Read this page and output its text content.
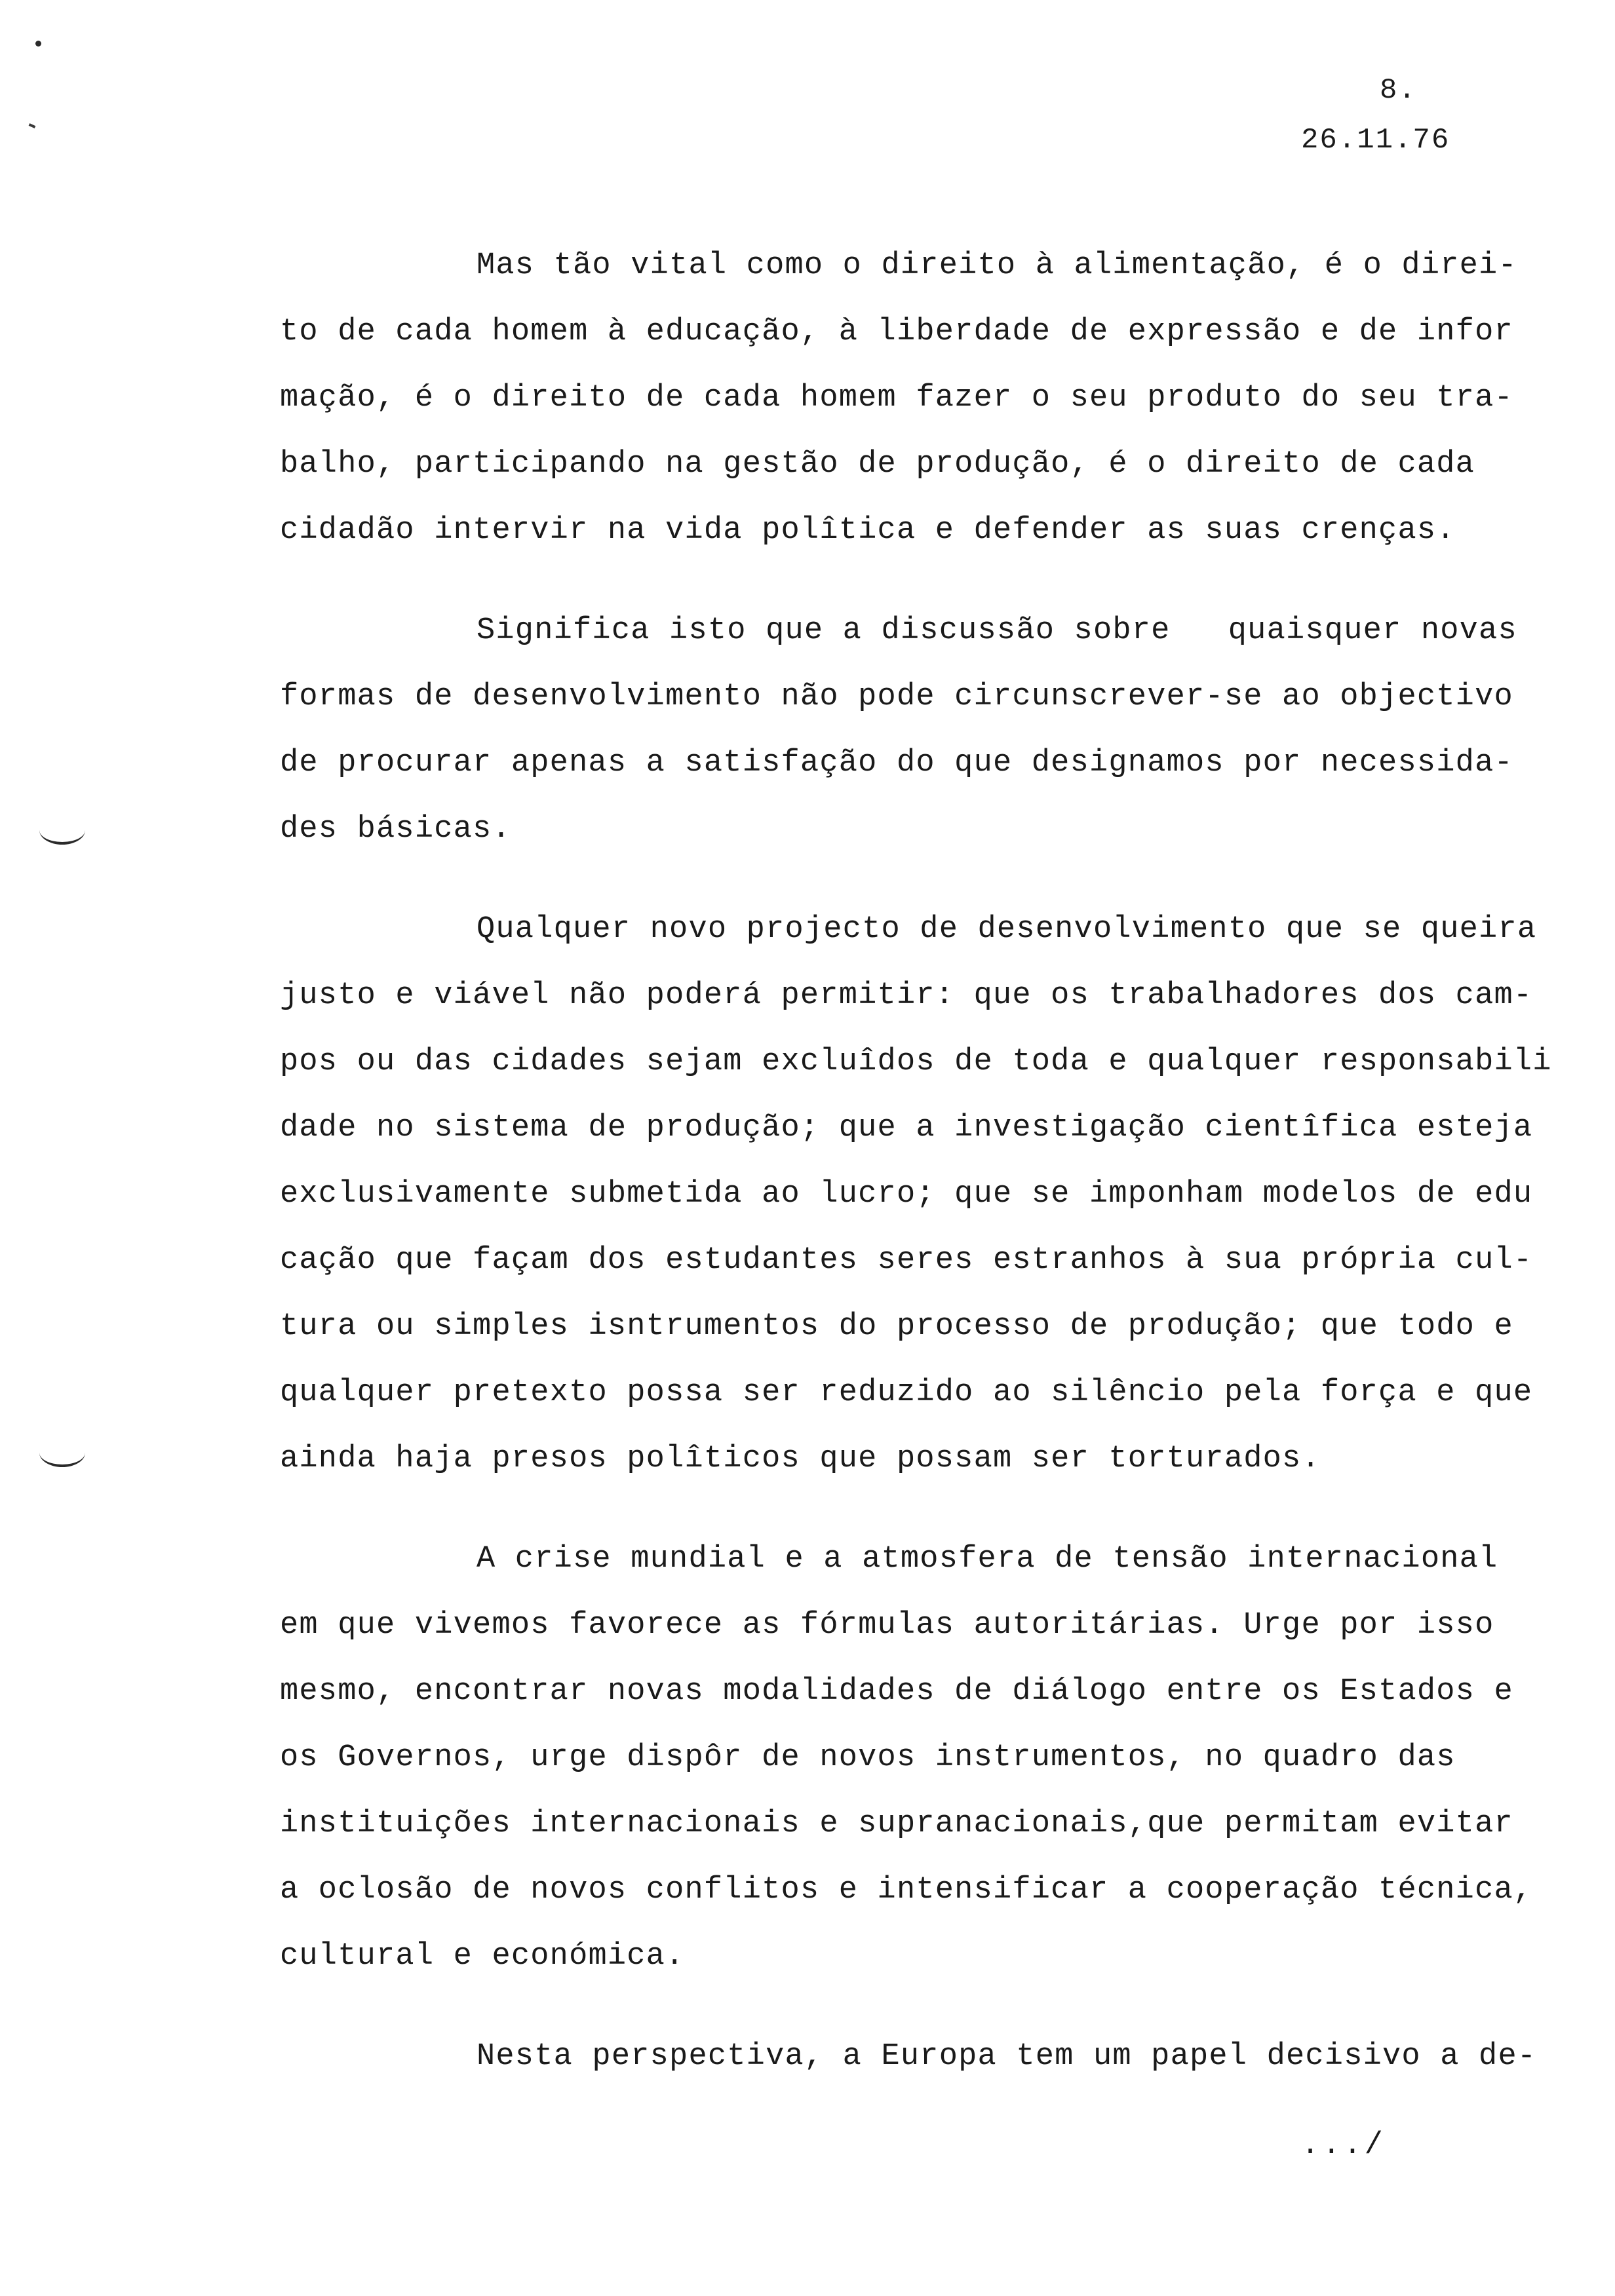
8.
26.11.76

Mas tão vital como o direito à alimentação, é o direi-
to de cada homem à educação, à liberdade de expressão e de infor
mação, é o direito de cada homem fazer o seu produto do seu tra-
balho, participando na gestão de produção, é o direito de cada
cidadão intervir na vida polîtica e defender as suas crenças.

Significa isto que a discussão sobre   quaisquer novas
formas de desenvolvimento não pode circunscrever-se ao objectivo
de procurar apenas a satisfação do que designamos por necessida-
des básicas.

Qualquer novo projecto de desenvolvimento que se queira
justo e viável não poderá permitir: que os trabalhadores dos cam-
pos ou das cidades sejam excluîdos de toda e qualquer responsabili
dade no sistema de produção; que a investigação cientîfica esteja
exclusivamente submetida ao lucro; que se imponham modelos de edu
cação que façam dos estudantes seres estranhos à sua própria cul-
tura ou simples isntrumentos do processo de produção; que todo e
qualquer pretexto possa ser reduzido ao silêncio pela força e que
ainda haja presos polîticos que possam ser torturados.

A crise mundial e a atmosfera de tensão internacional
em que vivemos favorece as fórmulas autoritárias. Urge por isso
mesmo, encontrar novas modalidades de diálogo entre os Estados e
os Governos, urge dispôr de novos instrumentos, no quadro das
instituições internacionais e supranacionais,que permitam evitar
a oclosão de novos conflitos e intensificar a cooperação técnica,
cultural e económica.

Nesta perspectiva, a Europa tem um papel decisivo a de-

.../
